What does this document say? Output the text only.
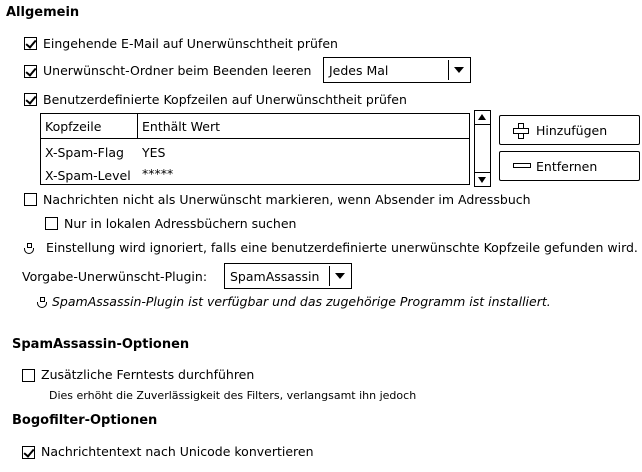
Allgemein
Eingehende E-Mail auf Unerwünschtheit prüfen
Unerwünscht-Ordner beim Beenden leeren Jedes Mal
Benutzerdefinierte Kopfzeilen auf Unerwünschtheit prüfen
Kopfzeile	Enthält Wert
X-Spam-Flag YES
X-Spam-Level *****
Hinzufügen
Entfernen
Nachrichten nicht als Unerwünscht markieren, wenn Absender im Adressbuch
Nur in lokalen Adressbüchern suchen
Einstellung wird ignoriert, falls eine benutzerdefinierte unerwünschte Kopfzeile gefunden wird.
Vorgabe-Unerwünscht-Plugin: SpamAssassin
SpamAssassin-Plugin ist verfügbar und das zugehörige Programm ist installiert.
SpamAssassin-Optionen
Zusätzliche Ferntests durchführen
Dies erhöht die Zuverlässigkeit des Filters, verlangsamt ihn jedoch
Bogofilter-Optionen
Nachrichtentext nach Unicode konvertieren
